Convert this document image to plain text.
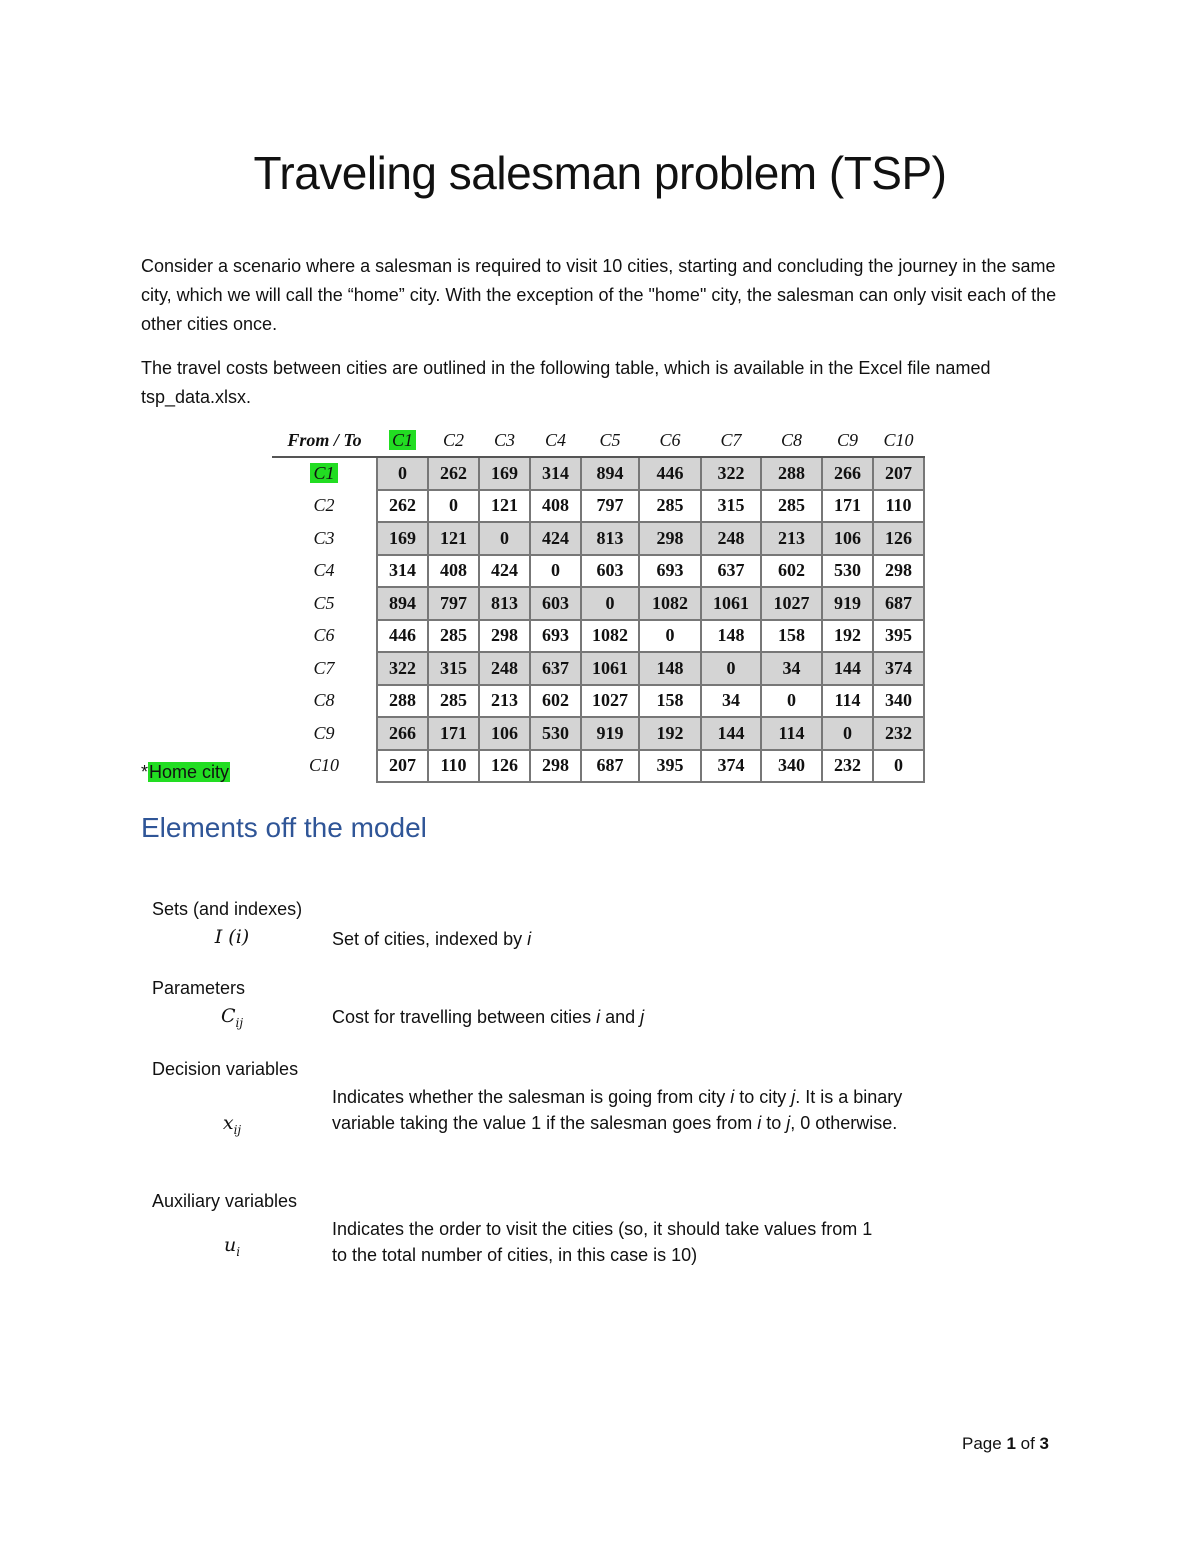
Traveling salesman problem (TSP)

Consider a scenario where a salesman is required to visit 10 cities, starting and concluding the journey in the same city, which we will call the “home” city. With the exception of the "home" city, the salesman can only visit each of the other cities once.

The travel costs between cities are outlined in the following table, which is available in the Excel file named tsp_data.xlsx.

From / To	C1	C2	C3	C4	C5	C6	C7	C8	C9	C10
C1	0	262	169	314	894	446	322	288	266	207
C2	262	0	121	408	797	285	315	285	171	110
C3	169	121	0	424	813	298	248	213	106	126
C4	314	408	424	0	603	693	637	602	530	298
C5	894	797	813	603	0	1082	1061	1027	919	687
C6	446	285	298	693	1082	0	148	158	192	395
C7	322	315	248	637	1061	148	0	34	144	374
C8	288	285	213	602	1027	158	34	0	114	340
C9	266	171	106	530	919	192	144	114	0	232
C10	207	110	126	298	687	395	374	340	232	0

*Home city

Elements off the model

Sets (and indexes)

I (i)	Set of cities, indexed by i

Parameters

$C_{ij}$	Cost for travelling between cities i and j

Decision variables

$x_{ij}$

Indicates whether the salesman is going from city i to city j. It is a binary variable taking the value 1 if the salesman goes from i to j, 0 otherwise.

Auxiliary variables

$u_i$

Indicates the order to visit the cities (so, it should take values from 1 to the total number of cities, in this case is 10)

Page 1 of 3
